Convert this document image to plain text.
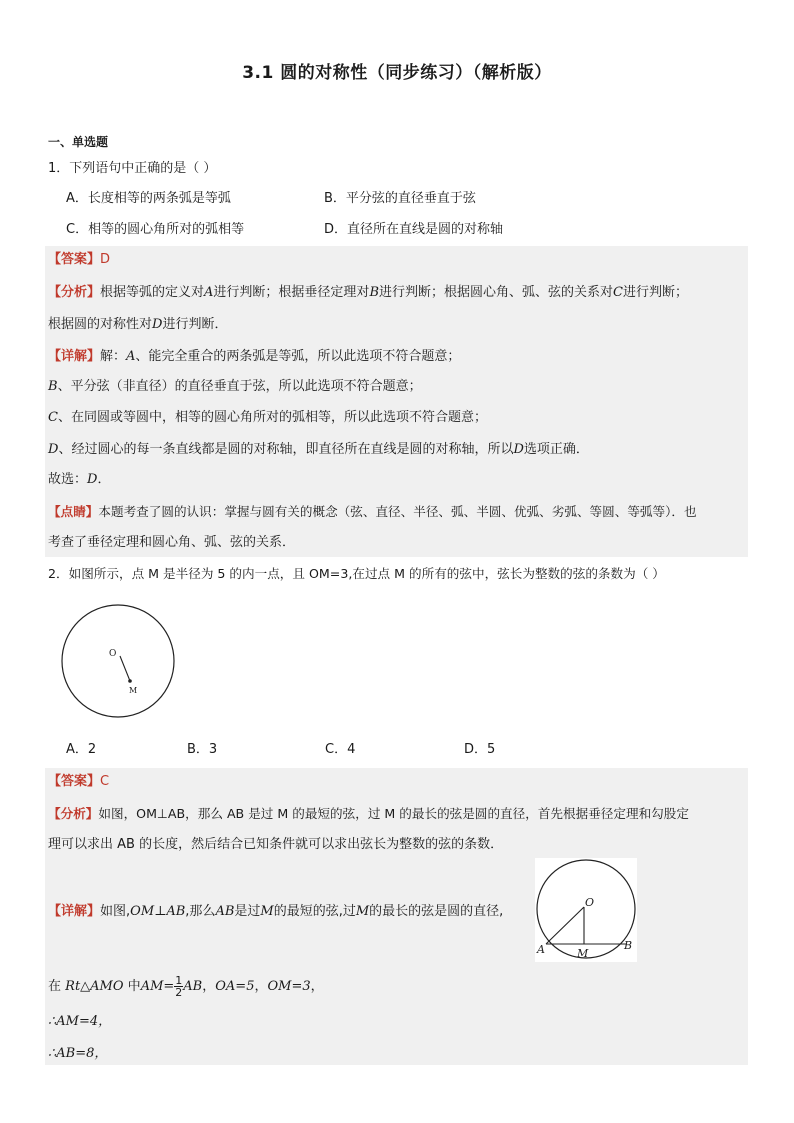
3.1 圆的对称性（同步练习）（解析版）
一、单选题
1．下列语句中正确的是（ ）
A．长度相等的两条弧是等弧	B．平分弦的直径垂直于弦
C．相等的圆心角所对的弧相等	D．直径所在直线是圆的对称轴
【答案】D
【分析】根据等弧的定义对A进行判断；根据垂径定理对B进行判断；根据圆心角、弧、弦的关系对C进行判断；
根据圆的对称性对D进行判断．
【详解】解：A、能完全重合的两条弧是等弧，所以此选项不符合题意；
B、平分弦（非直径）的直径垂直于弦，所以此选项不符合题意；
C、在同圆或等圆中，相等的圆心角所对的弧相等，所以此选项不符合题意；
D、经过圆心的每一条直线都是圆的对称轴，即直径所在直线是圆的对称轴，所以D选项正确．
故选：D．
【点睛】本题考查了圆的认识：掌握与圆有关的概念（弦、直径、半径、弧、半圆、优弧、劣弧、等圆、等弧等）．也
考查了垂径定理和圆心角、弧、弦的关系．
2．如图所示，点 M 是半径为 5 的内一点，且 OM=3,在过点 M 的所有的弦中，弦长为整数的弦的条数为（ ）
O
M
A．2	B．3	C．4	D．5
【答案】C
【分析】如图，OM⊥AB，那么 AB 是过 M 的最短的弦，过 M 的最长的弦是圆的直径，首先根据垂径定理和勾股定
理可以求出 AB 的长度，然后结合已知条件就可以求出弦长为整数的弦的条数．
【详解】如图,OM⊥AB,那么AB是过M的最短的弦,过M的最长的弦是圆的直径,
O
A	M
B
在 Rt△AMO 中$AM= \frac{1}{2}$ AB，OA=5，OM=3，
∴AM=4，
∴AB=8，
